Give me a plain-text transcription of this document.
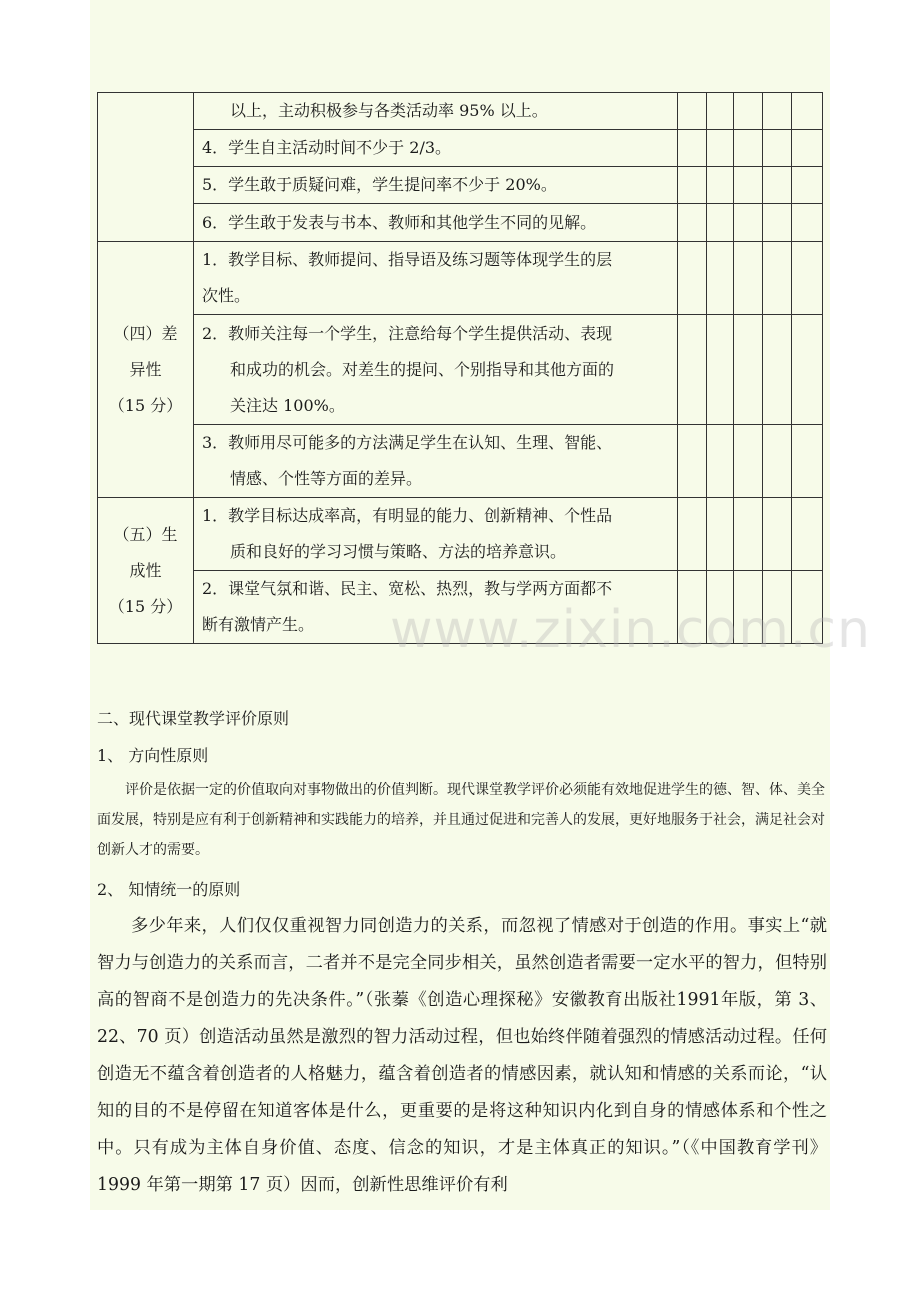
	以上，主动积极参与各类活动率 95% 以上。					

	4．学生自主活动时间不少于 2/3。					
	5．学生敢于质疑问难，学生提问率不少于 20%。					
	6．学生敢于发表与书本、教师和其他学生不同的见解。					

（四）差
异性
（15 分）	1．教学目标、教师提问、指导语及练习题等体现学生的层
次性。					

	2．教师关注每一个学生，注意给每个学生提供活动、表现
和成功的机会。对差生的提问、个别指导和其他方面的
关注达 100%。					

	3．教师用尽可能多的方法满足学生在认知、生理、智能、
情感、个性等方面的差异。					

（五）生
成性
（15 分）	1．教学目标达成率高，有明显的能力、创新精神、个性品
质和良好的学习习惯与策略、方法的培养意识。					

	2．课堂气氛和谐、民主、宽松、热烈，教与学两方面都不
断有激情产生。					
						www.zixin.com.cn
二、现代课堂教学评价原则
1、 方向性原则
评价是依据一定的价值取向对事物做出的价值判断。现代课堂教学评价必须能有效地促进学生的德、智、体、美全面发展，特别是应有利于创新精神和实践能力的培养，并且通过促进和完善人的发展，更好地服务于社会，满足社会对创新人才的需要。
2、 知情统一的原则
多少年来，人们仅仅重视智力同创造力的关系，而忽视了情感对于创造的作用。事实上“就智力与创造力的关系而言，二者并不是完全同步相关，虽然创造者需要一定水平的智力，但特别高的智商不是创造力的先决条件。”（张蓁《创造心理探秘》安徽教育出版社1991年版，第 3、22、70 页）创造活动虽然是激烈的智力活动过程，但也始终伴随着强烈的情感活动过程。任何创造无不蕴含着创造者的人格魅力，蕴含着创造者的情感因素，就认知和情感的关系而论，“认知的目的不是停留在知道客体是什么，更重要的是将这种知识内化到自身的情感体系和个性之中。只有成为主体自身价值、态度、信念的知识，才是主体真正的知识。”（《中国教育学刊》1999 年第一期第 17 页）因而，创新性思维评价有利
